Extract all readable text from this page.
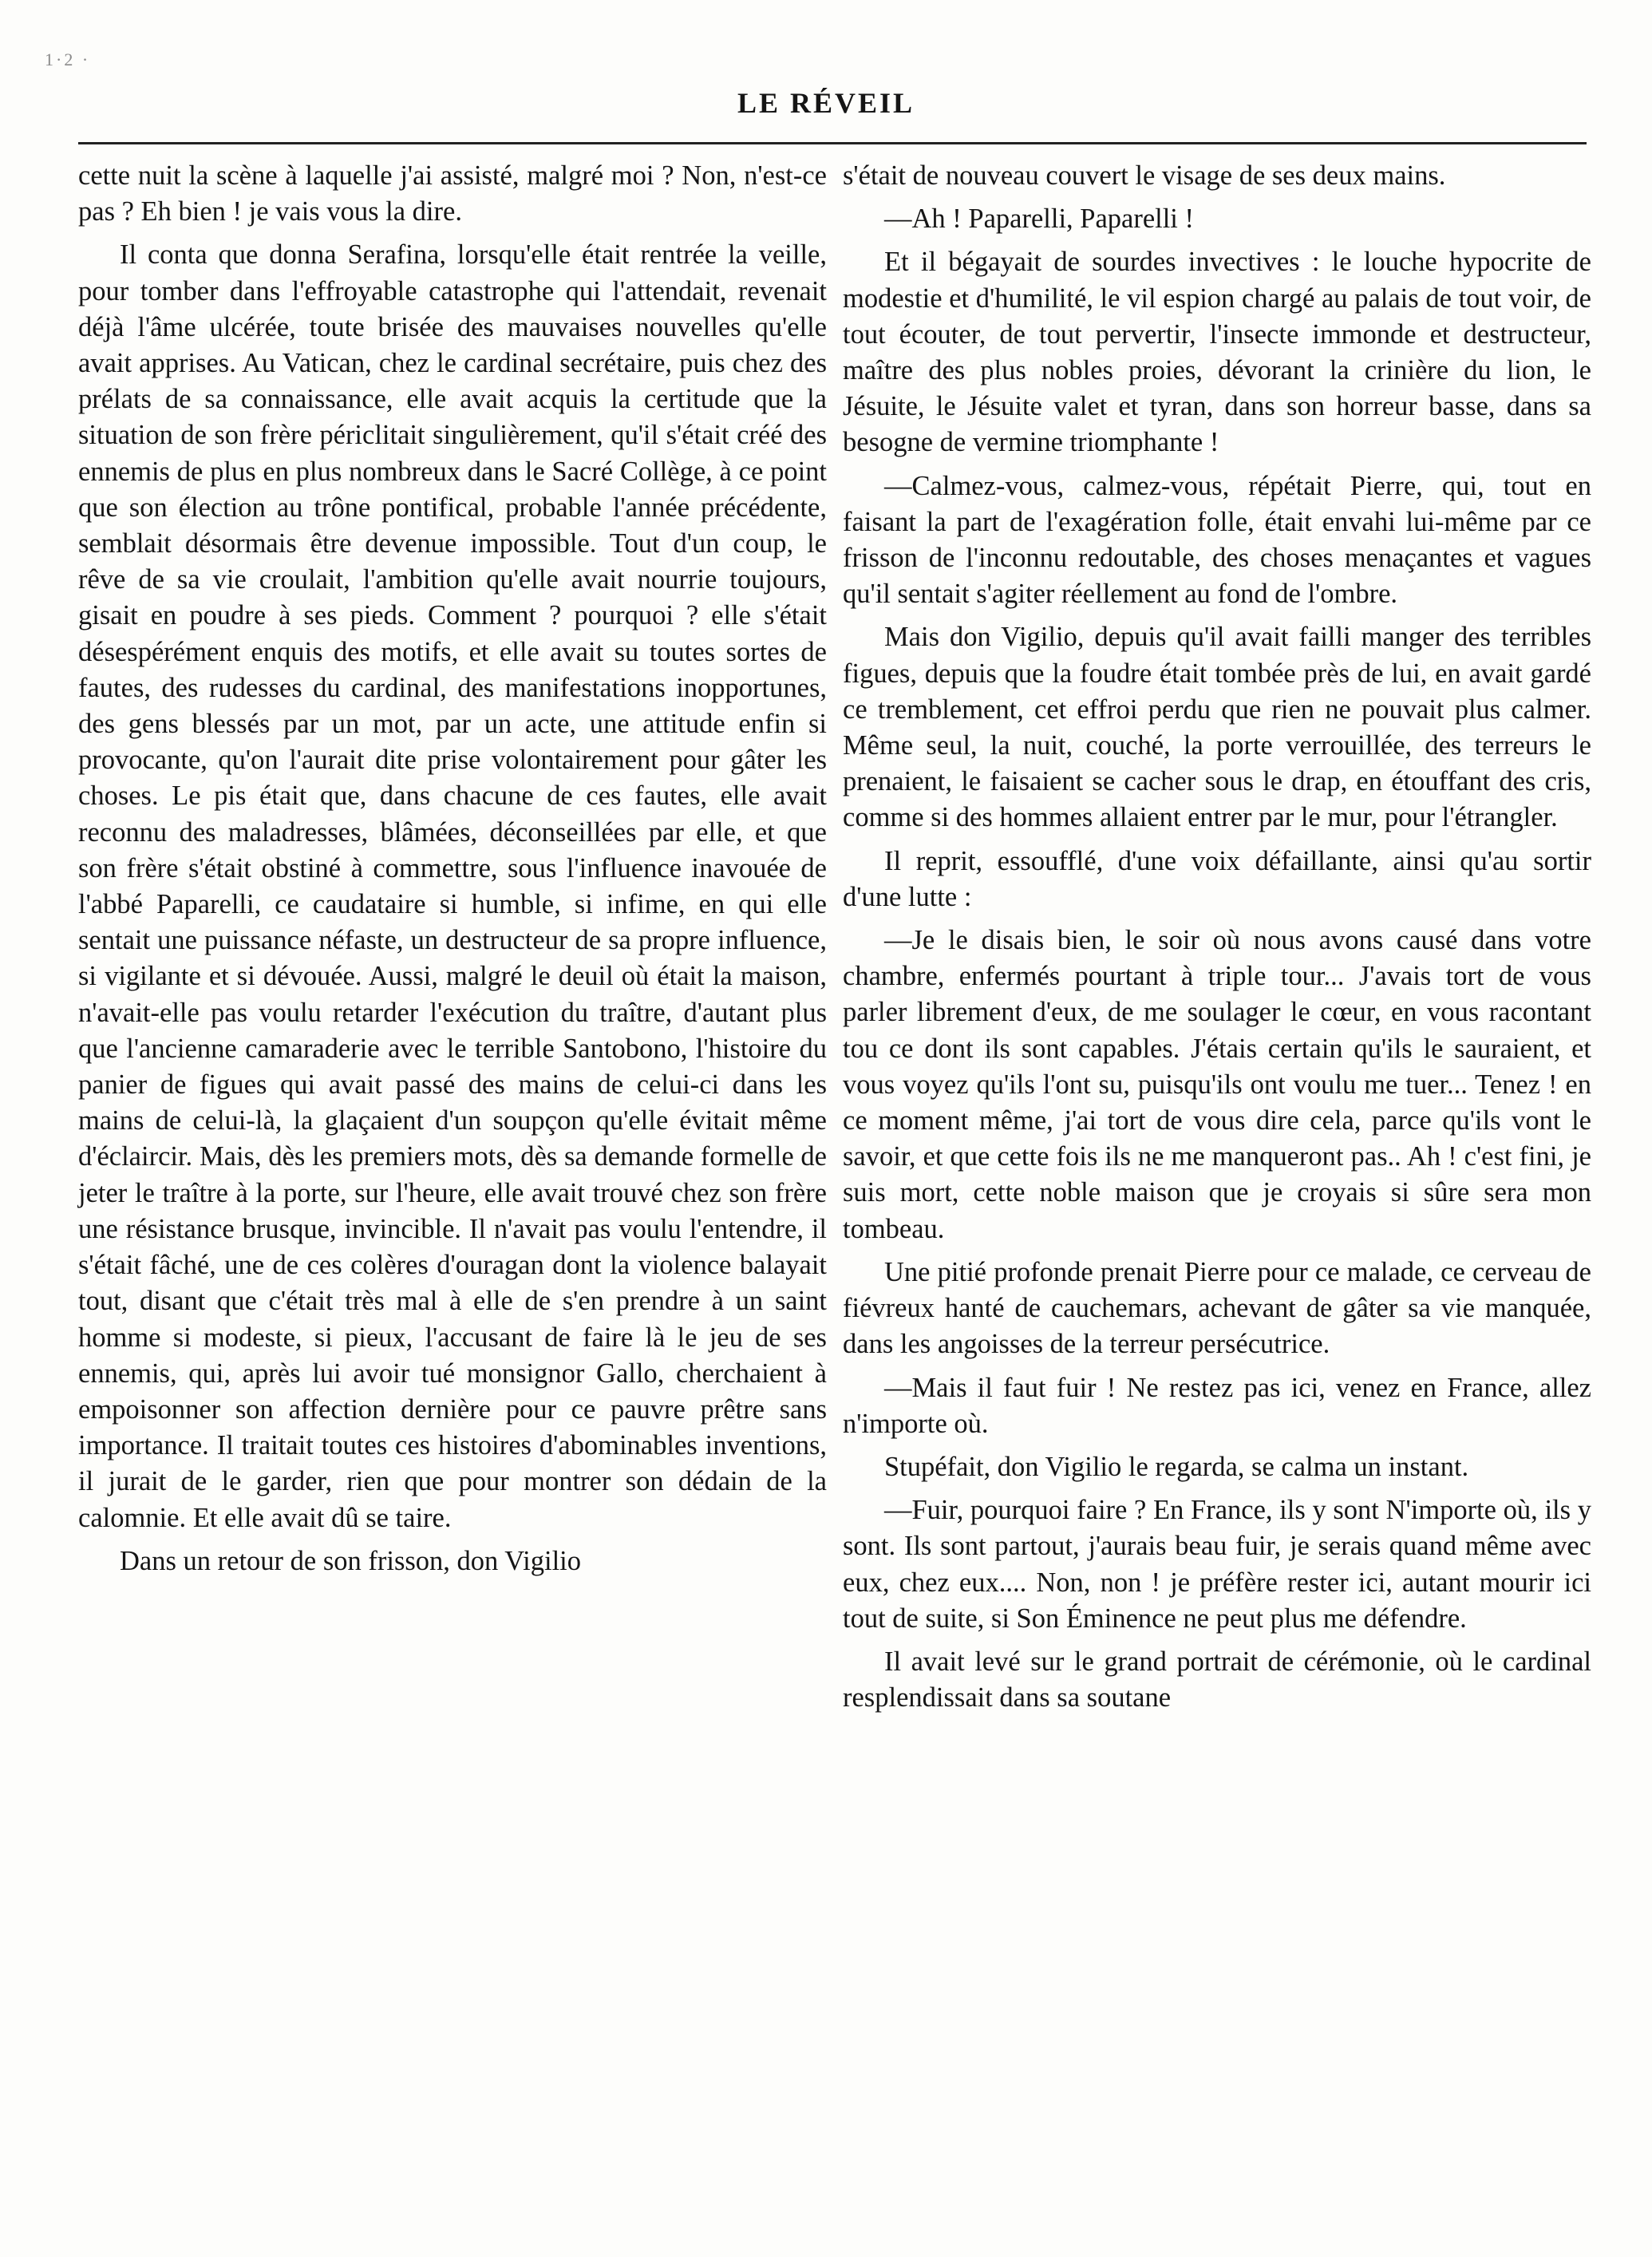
1·2 ·
LE RÉVEIL

cette nuit la scène à laquelle j'ai assisté, malgré moi ? Non, n'est-ce pas ? Eh bien ! je vais vous la dire.

Il conta que donna Serafina, lorsqu'elle était rentrée la veille, pour tomber dans l'effroyable catastrophe qui l'attendait, revenait déjà l'âme ulcérée, toute brisée des mauvaises nouvelles qu'elle avait apprises. Au Vatican, chez le cardinal secrétaire, puis chez des prélats de sa connaissance, elle avait acquis la certitude que la situation de son frère périclitait singulièrement, qu'il s'était créé des ennemis de plus en plus nombreux dans le Sacré Collège, à ce point que son élection au trône pontifical, probable l'année précédente, semblait désormais être devenue impossible. Tout d'un coup, le rêve de sa vie croulait, l'ambition qu'elle avait nourrie toujours, gisait en poudre à ses pieds. Comment ? pourquoi ? elle s'était désespérément enquis des motifs, et elle avait su toutes sortes de fautes, des rudesses du cardinal, des manifestations inopportunes, des gens blessés par un mot, par un acte, une attitude enfin si provocante, qu'on l'aurait dite prise volontairement pour gâter les choses. Le pis était que, dans chacune de ces fautes, elle avait reconnu des maladresses, blâmées, déconseillées par elle, et que son frère s'était obstiné à commettre, sous l'influence inavouée de l'abbé Paparelli, ce caudataire si humble, si infime, en qui elle sentait une puissance néfaste, un destructeur de sa propre influence, si vigilante et si dévouée. Aussi, malgré le deuil où était la maison, n'avait-elle pas voulu retarder l'exécution du traître, d'autant plus que l'ancienne camaraderie avec le terrible Santobono, l'histoire du panier de figues qui avait passé des mains de celui-ci dans les mains de celui-là, la glaçaient d'un soupçon qu'elle évitait même d'éclaircir. Mais, dès les premiers mots, dès sa demande formelle de jeter le traître à la porte, sur l'heure, elle avait trouvé chez son frère une résistance brusque, invincible. Il n'avait pas voulu l'entendre, il s'était fâché, une de ces colères d'ouragan dont la violence balayait tout, disant que c'était très mal à elle de s'en prendre à un saint homme si modeste, si pieux, l'accusant de faire là le jeu de ses ennemis, qui, après lui avoir tué monsignor Gallo, cherchaient à empoisonner son affection dernière pour ce pauvre prêtre sans importance. Il traitait toutes ces histoires d'abominables inventions, il jurait de le garder, rien que pour montrer son dédain de la calomnie. Et elle avait dû se taire.

Dans un retour de son frisson, don Vigilio

s'était de nouveau couvert le visage de ses deux mains.

—Ah ! Paparelli, Paparelli !

Et il bégayait de sourdes invectives : le louche hypocrite de modestie et d'humilité, le vil espion chargé au palais de tout voir, de tout écouter, de tout pervertir, l'insecte immonde et destructeur, maître des plus nobles proies, dévorant la crinière du lion, le Jésuite, le Jésuite valet et tyran, dans son horreur basse, dans sa besogne de vermine triomphante !

—Calmez-vous, calmez-vous, répétait Pierre, qui, tout en faisant la part de l'exagération folle, était envahi lui-même par ce frisson de l'inconnu redoutable, des choses menaçantes et vagues qu'il sentait s'agiter réellement au fond de l'ombre.

Mais don Vigilio, depuis qu'il avait failli manger des terribles figues, depuis que la foudre était tombée près de lui, en avait gardé ce tremblement, cet effroi perdu que rien ne pouvait plus calmer. Même seul, la nuit, couché, la porte verrouillée, des terreurs le prenaient, le faisaient se cacher sous le drap, en étouffant des cris, comme si des hommes allaient entrer par le mur, pour l'étrangler.

Il reprit, essoufflé, d'une voix défaillante, ainsi qu'au sortir d'une lutte :

—Je le disais bien, le soir où nous avons causé dans votre chambre, enfermés pourtant à triple tour... J'avais tort de vous parler librement d'eux, de me soulager le cœur, en vous racontant tou ce dont ils sont capables. J'étais certain qu'ils le sauraient, et vous voyez qu'ils l'ont su, puisqu'ils ont voulu me tuer... Tenez ! en ce moment même, j'ai tort de vous dire cela, parce qu'ils vont le savoir, et que cette fois ils ne me manqueront pas.. Ah ! c'est fini, je suis mort, cette noble maison que je croyais si sûre sera mon tombeau.

Une pitié profonde prenait Pierre pour ce malade, ce cerveau de fiévreux hanté de cauchemars, achevant de gâter sa vie manquée, dans les angoisses de la terreur persécutrice.

—Mais il faut fuir ! Ne restez pas ici, venez en France, allez n'importe où.

Stupéfait, don Vigilio le regarda, se calma un instant.

—Fuir, pourquoi faire ? En France, ils y sont N'importe où, ils y sont. Ils sont partout, j'aurais beau fuir, je serais quand même avec eux, chez eux.... Non, non ! je préfère rester ici, autant mourir ici tout de suite, si Son Éminence ne peut plus me défendre.

Il avait levé sur le grand portrait de cérémonie, où le cardinal resplendissait dans sa soutane
